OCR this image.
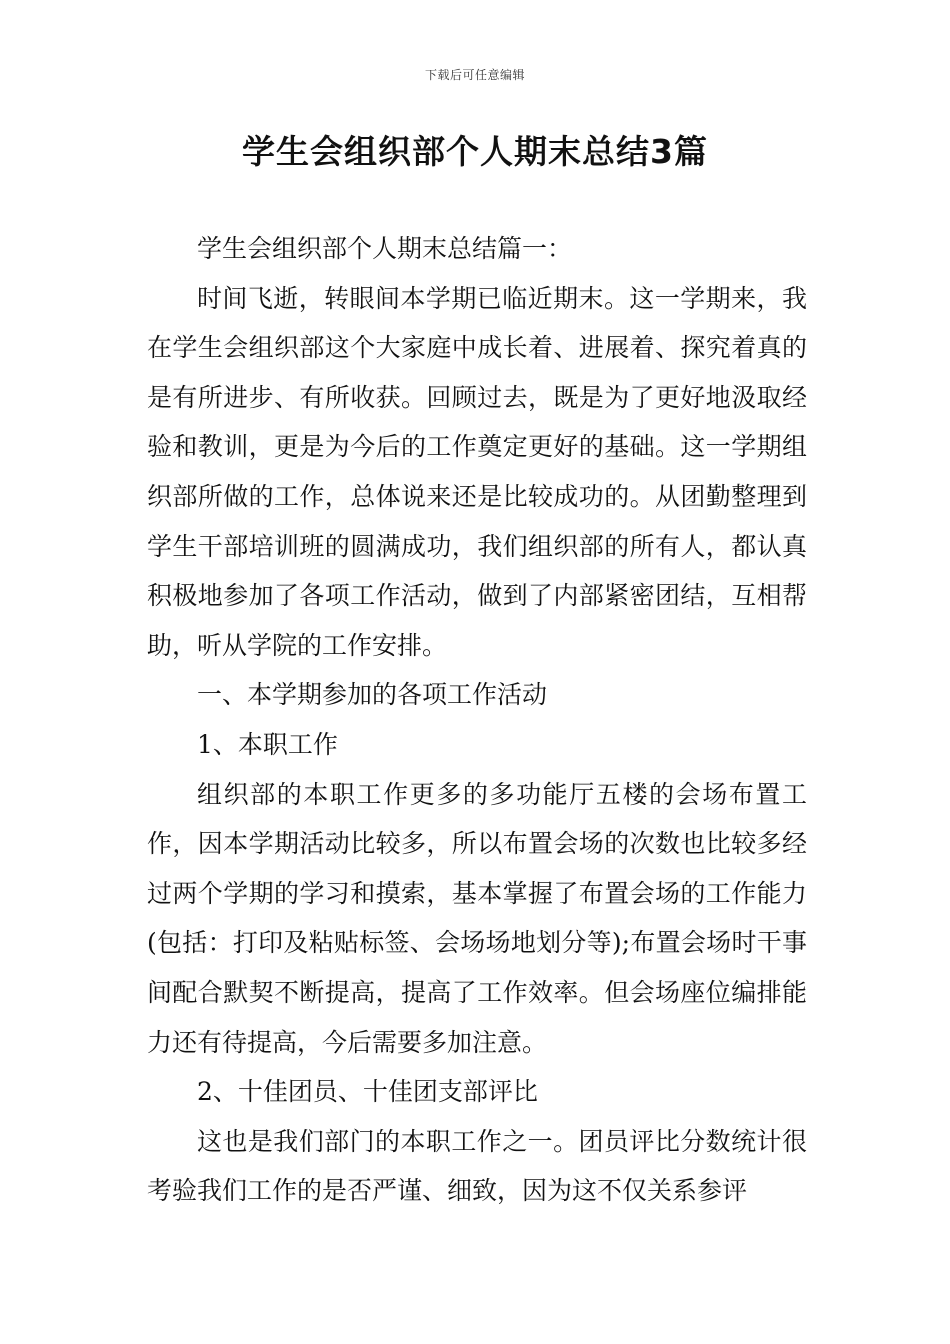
下载后可任意编辑
学生会组织部个人期末总结3篇

学生会组织部个人期末总结篇一：

时间飞逝，转眼间本学期已临近期末。这一学期来，我在学生会组织部这个大家庭中成长着、进展着、探究着真的是有所进步、有所收获。回顾过去，既是为了更好地汲取经验和教训，更是为今后的工作奠定更好的基础。这一学期组织部所做的工作，总体说来还是比较成功的。从团勤整理到学生干部培训班的圆满成功，我们组织部的所有人，都认真积极地参加了各项工作活动，做到了内部紧密团结，互相帮助，听从学院的工作安排。

一、本学期参加的各项工作活动

1、本职工作

组织部的本职工作更多的多功能厅五楼的会场布置工作，因本学期活动比较多，所以布置会场的次数也比较多经过两个学期的学习和摸索，基本掌握了布置会场的工作能力(包括：打印及粘贴标签、会场场地划分等);布置会场时干事间配合默契不断提高，提高了工作效率。但会场座位编排能力还有待提高，今后需要多加注意。

2、十佳团员、十佳团支部评比

这也是我们部门的本职工作之一。团员评比分数统计很考验我们工作的是否严谨、细致，因为这不仅关系参评
